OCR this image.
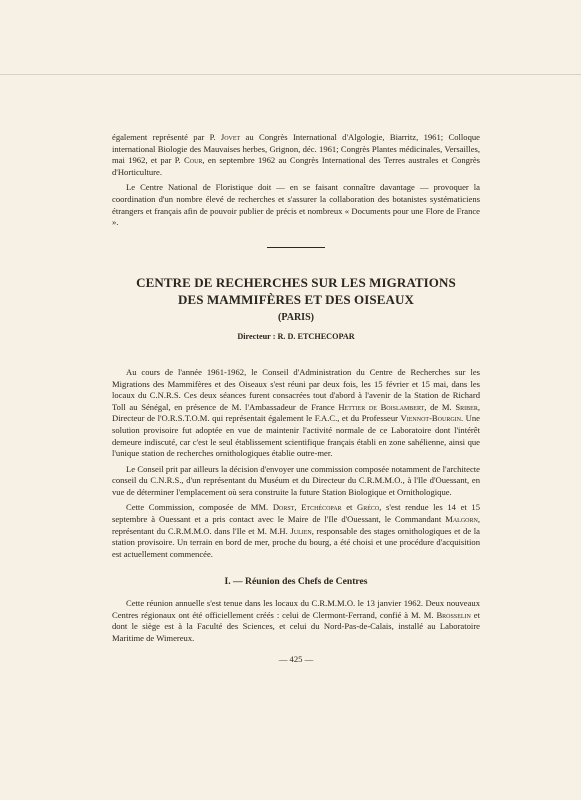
également représenté par P. Jovet au Congrès International d'Algologie, Biarritz, 1961; Colloque international Biologie des Mauvaises herbes, Grignon, déc. 1961; Congrès Plantes médicinales, Versailles, mai 1962, et par P. Cour, en septembre 1962 au Congrès International des Terres australes et Congrès d'Horticulture.

Le Centre National de Floristique doit — en se faisant connaître davantage — provoquer la coordination d'un nombre élevé de recherches et s'assurer la collaboration des botanistes systématiciens étrangers et français afin de pouvoir publier de précis et nombreux « Documents pour une Flore de France ».

CENTRE DE RECHERCHES SUR LES MIGRATIONS
DES MAMMIFÈRES ET DES OISEAUX
(PARIS)
Directeur : R. D. ETCHECOPAR

Au cours de l'année 1961-1962, le Conseil d'Administration du Centre de Recherches sur les Migrations des Mammifères et des Oiseaux s'est réuni par deux fois, les 15 février et 15 mai, dans les locaux du C.N.R.S. Ces deux séances furent consacrées tout d'abord à l'avenir de la Station de Richard Toll au Sénégal, en présence de M. l'Ambassadeur de France Hettier de Boislambert, de M. Sriber, Directeur de l'O.R.S.T.O.M. qui représentait également le F.A.C., et du Professeur Viennot-Bourgin. Une solution provisoire fut adoptée en vue de maintenir l'activité normale de ce Laboratoire dont l'intérêt demeure indiscuté, car c'est le seul établissement scientifique français établi en zone sahélienne, ainsi que l'unique station de recherches ornithologiques établie outre-mer.

Le Conseil prit par ailleurs la décision d'envoyer une commission composée notamment de l'architecte conseil du C.N.R.S., d'un représentant du Muséum et du Directeur du C.R.M.M.O., à l'Ile d'Ouessant, en vue de déterminer l'emplacement où sera construite la future Station Biologique et Ornithologique.

Cette Commission, composée de MM. Dorst, Etchécopar et Gréco, s'est rendue les 14 et 15 septembre à Ouessant et a pris contact avec le Maire de l'Ile d'Ouessant, le Commandant Malgorn, représentant du C.R.M.M.O. dans l'Ile et M. M.H. Julien, responsable des stages ornithologiques et de la station provisoire. Un terrain en bord de mer, proche du bourg, a été choisi et une procédure d'acquisition est actuellement commencée.

I. — Réunion des Chefs de Centres

Cette réunion annuelle s'est tenue dans les locaux du C.R.M.M.O. le 13 janvier 1962. Deux nouveaux Centres régionaux ont été officiellement créés : celui de Clermont-Ferrand, confié à M. M. Brosselin et dont le siège est à la Faculté des Sciences, et celui du Nord-Pas-de-Calais, installé au Laboratoire Maritime de Wimereux.

— 425 —
